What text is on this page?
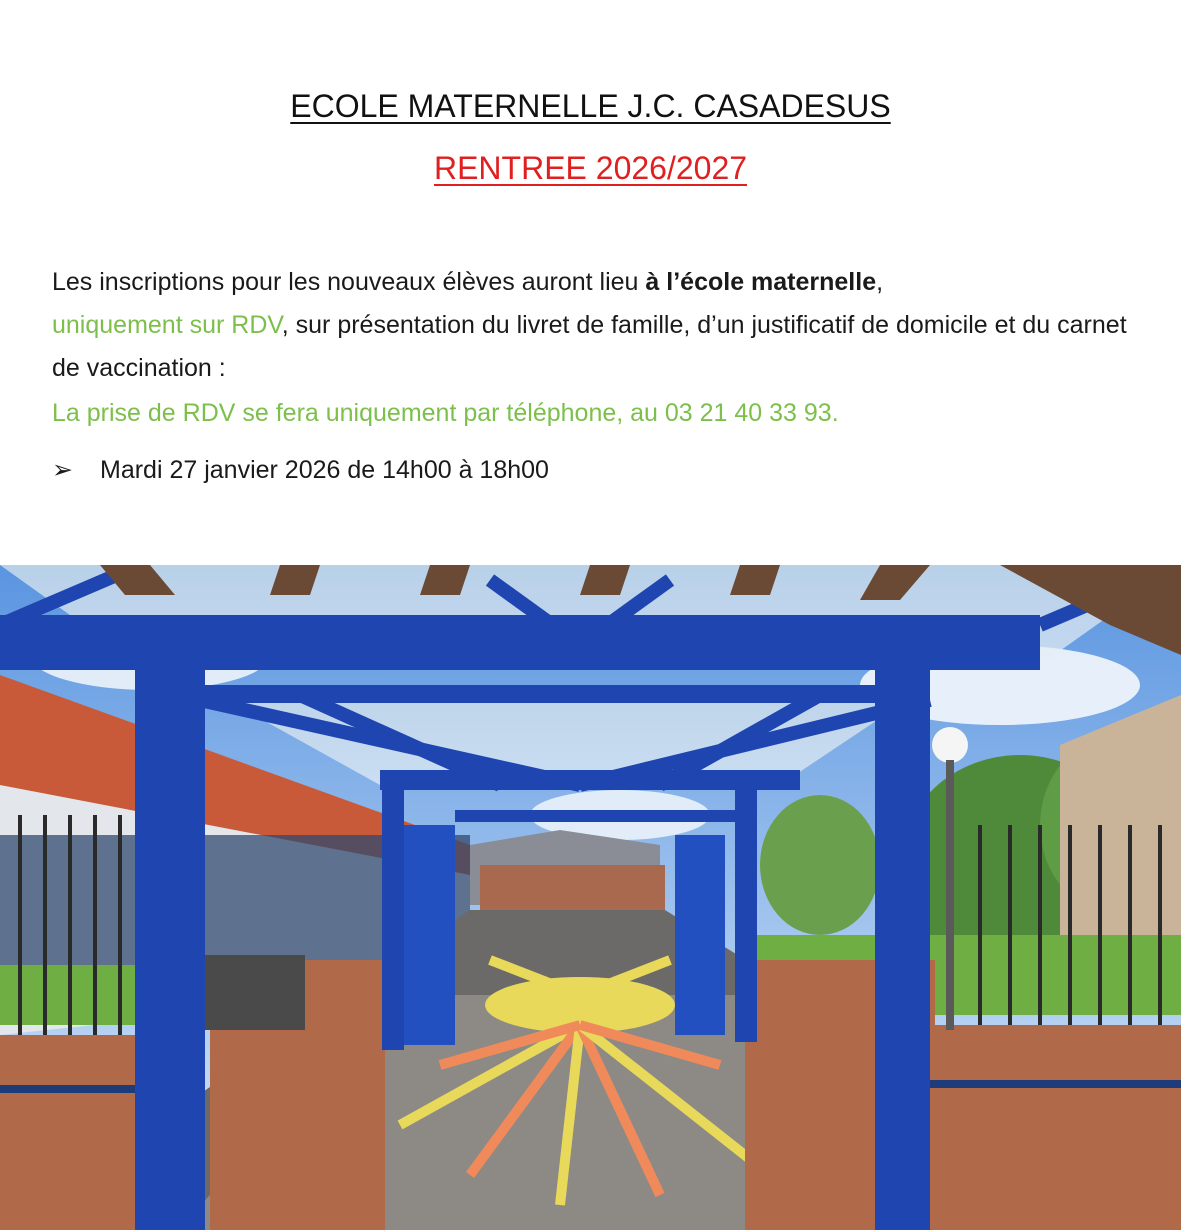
ECOLE MATERNELLE J.C. CASADESUS
RENTREE 2026/2027
Les inscriptions pour les nouveaux élèves auront lieu à l’école maternelle,
uniquement sur RDV, sur présentation du livret de famille, d’un justificatif de domicile et du carnet de vaccination :
La prise de RDV se fera uniquement par téléphone, au 03 21 40 33 93.
➢ Mardi 27 janvier 2026 de 14h00 à 18h00
